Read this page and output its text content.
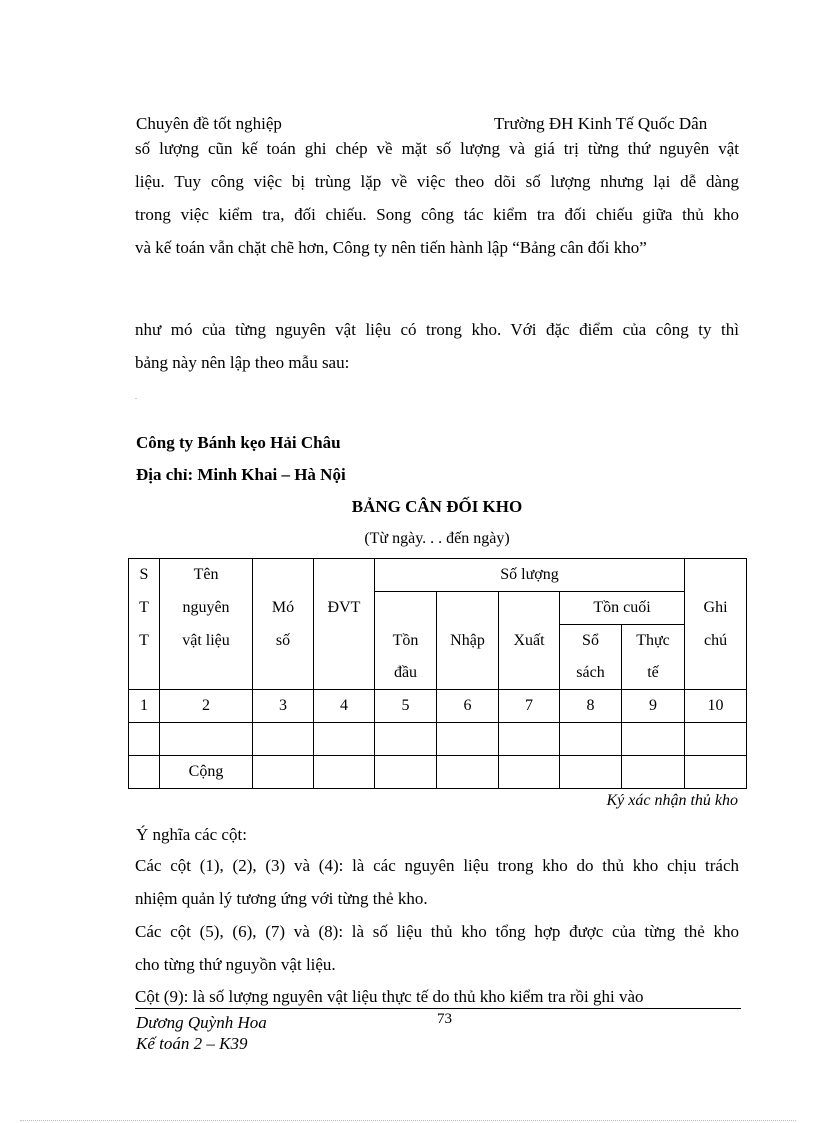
Chuyên đề tốt nghiệp	Trường ĐH Kinh Tế Quốc Dân
số lượng cũn kế toán ghi chép về mặt số lượng và giá trị từng thứ nguyên vật
liệu. Tuy công việc bị trùng lặp về việc theo dõi số lượng nhưng lại dễ dàng
trong việc kiểm tra, đối chiếu. Song công tác kiểm tra đối chiếu giữa thủ kho
và kế toán vẫn chặt chẽ hơn, Công ty nên tiến hành lập “Bảng cân đối kho”
như mó của từng nguyên vật liệu có trong kho. Với đặc điểm của công ty thì
bảng này nên lập theo mẫu sau:
.
Công ty Bánh kẹo Hải Châu
Địa chỉ: Minh Khai – Hà Nội
BẢNG CÂN ĐỐI KHO
(Từ ngày. . . đến ngày)
S	Tên			Số lượng					
T	nguyên	Mó	ĐVT				Tồn cuối		Ghi
T	vật liệu	số		Tồn	Nhập	Xuất	Sổ	Thực	chú
				đầu			sách	tế	
1	2	3	4	5	6	7	8	9	10

	Cộng								
Ký xác nhận thủ kho
Ý nghĩa các cột:
Các cột (1), (2), (3) và (4): là các nguyên liệu trong kho do thủ kho chịu trách
nhiệm quản lý tương ứng với từng thẻ kho.
Các cột (5), (6), (7) và (8): là số liệu thủ kho tổng hợp được của từng thẻ kho
cho từng thứ nguyồn vật liệu.
Cột (9): là số lượng nguyên vật liệu thực tế do thủ kho kiểm tra rồi ghi vào
Dương Quỳnh Hoa
Kế toán 2 – K39
73
